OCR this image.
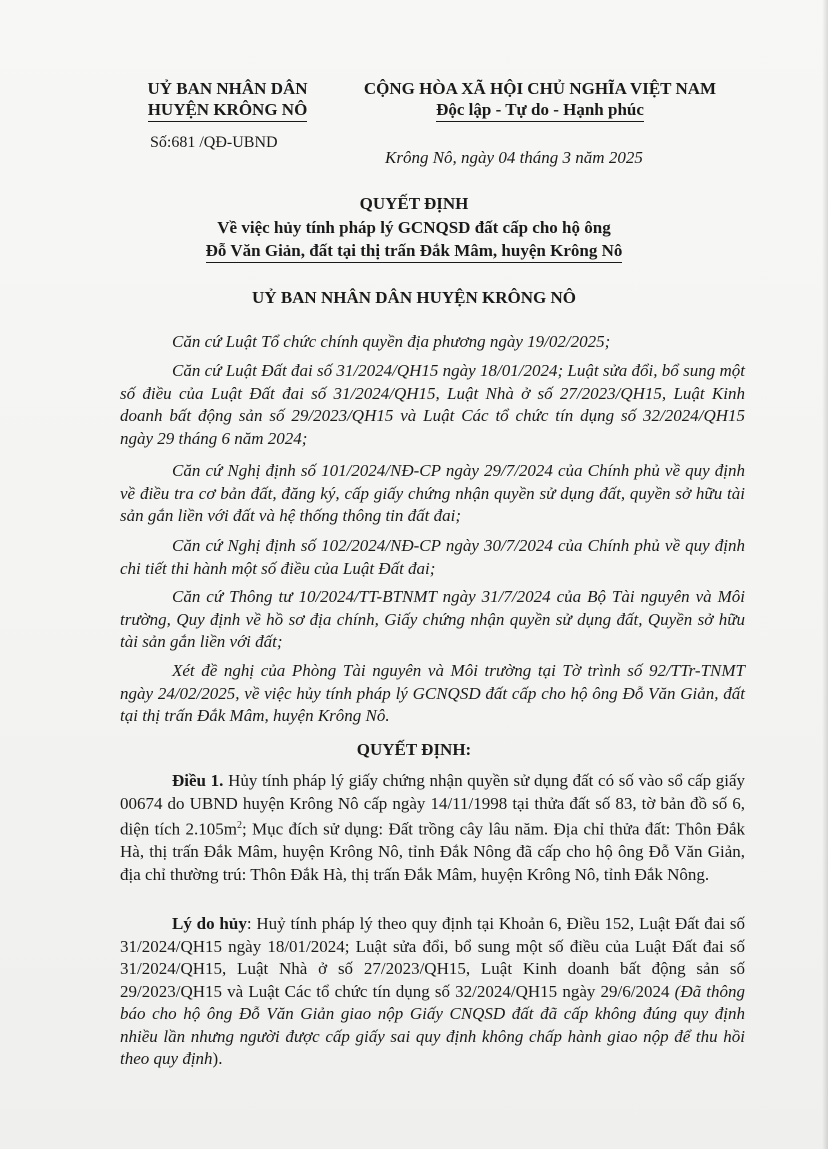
UỶ BAN NHÂN DÂN
HUYỆN KRÔNG NÔ
Số:681 /QĐ-UBND
CỘNG HÒA XÃ HỘI CHỦ NGHĨA VIỆT NAM
Độc lập - Tự do - Hạnh phúc
Krông Nô, ngày 04 tháng 3 năm 2025
QUYẾT ĐỊNH
Về việc hủy tính pháp lý GCNQSD đất cấp cho hộ ông
Đỗ Văn Giản, đất tại thị trấn Đắk Mâm, huyện Krông Nô
UỶ BAN NHÂN DÂN HUYỆN KRÔNG NÔ
Căn cứ Luật Tổ chức chính quyền địa phương ngày 19/02/2025;
Căn cứ Luật Đất đai số 31/2024/QH15 ngày 18/01/2024; Luật sửa đổi, bổ sung một số điều của Luật Đất đai số 31/2024/QH15, Luật Nhà ở số 27/2023/QH15, Luật Kinh doanh bất động sản số 29/2023/QH15 và Luật Các tổ chức tín dụng số 32/2024/QH15 ngày 29 tháng 6 năm 2024;
Căn cứ Nghị định số 101/2024/NĐ-CP ngày 29/7/2024 của Chính phủ về quy định về điều tra cơ bản đất, đăng ký, cấp giấy chứng nhận quyền sử dụng đất, quyền sở hữu tài sản gắn liền với đất và hệ thống thông tin đất đai;
Căn cứ Nghị định số 102/2024/NĐ-CP ngày 30/7/2024 của Chính phủ về quy định chi tiết thi hành một số điều của Luật Đất đai;
Căn cứ Thông tư 10/2024/TT-BTNMT ngày 31/7/2024 của Bộ Tài nguyên và Môi trường, Quy định về hồ sơ địa chính, Giấy chứng nhận quyền sử dụng đất, Quyền sở hữu tài sản gắn liền với đất;
Xét đề nghị của Phòng Tài nguyên và Môi trường tại Tờ trình số 92/TTr-TNMT ngày 24/02/2025, về việc hủy tính pháp lý GCNQSD đất cấp cho hộ ông Đỗ Văn Giản, đất tại thị trấn Đắk Mâm, huyện Krông Nô.
QUYẾT ĐỊNH:
Điều 1. Hủy tính pháp lý giấy chứng nhận quyền sử dụng đất có số vào sổ cấp giấy 00674 do UBND huyện Krông Nô cấp ngày 14/11/1998 tại thửa đất số 83, tờ bản đồ số 6, diện tích $2.105m^2$; Mục đích sử dụng: Đất trồng cây lâu năm. Địa chỉ thửa đất: Thôn Đắk Hà, thị trấn Đắk Mâm, huyện Krông Nô, tỉnh Đắk Nông đã cấp cho hộ ông Đỗ Văn Giản, địa chỉ thường trú: Thôn Đắk Hà, thị trấn Đắk Mâm, huyện Krông Nô, tỉnh Đắk Nông.
Lý do hủy: Huỷ tính pháp lý theo quy định tại Khoản 6, Điều 152, Luật Đất đai số 31/2024/QH15 ngày 18/01/2024; Luật sửa đổi, bổ sung một số điều của Luật Đất đai số 31/2024/QH15, Luật Nhà ở số 27/2023/QH15, Luật Kinh doanh bất động sản số 29/2023/QH15 và Luật Các tổ chức tín dụng số 32/2024/QH15 ngày 29/6/2024 (Đã thông báo cho hộ ông Đỗ Văn Giản giao nộp Giấy CNQSD đất đã cấp không đúng quy định nhiều lần nhưng người được cấp giấy sai quy định không chấp hành giao nộp để thu hồi theo quy định).
